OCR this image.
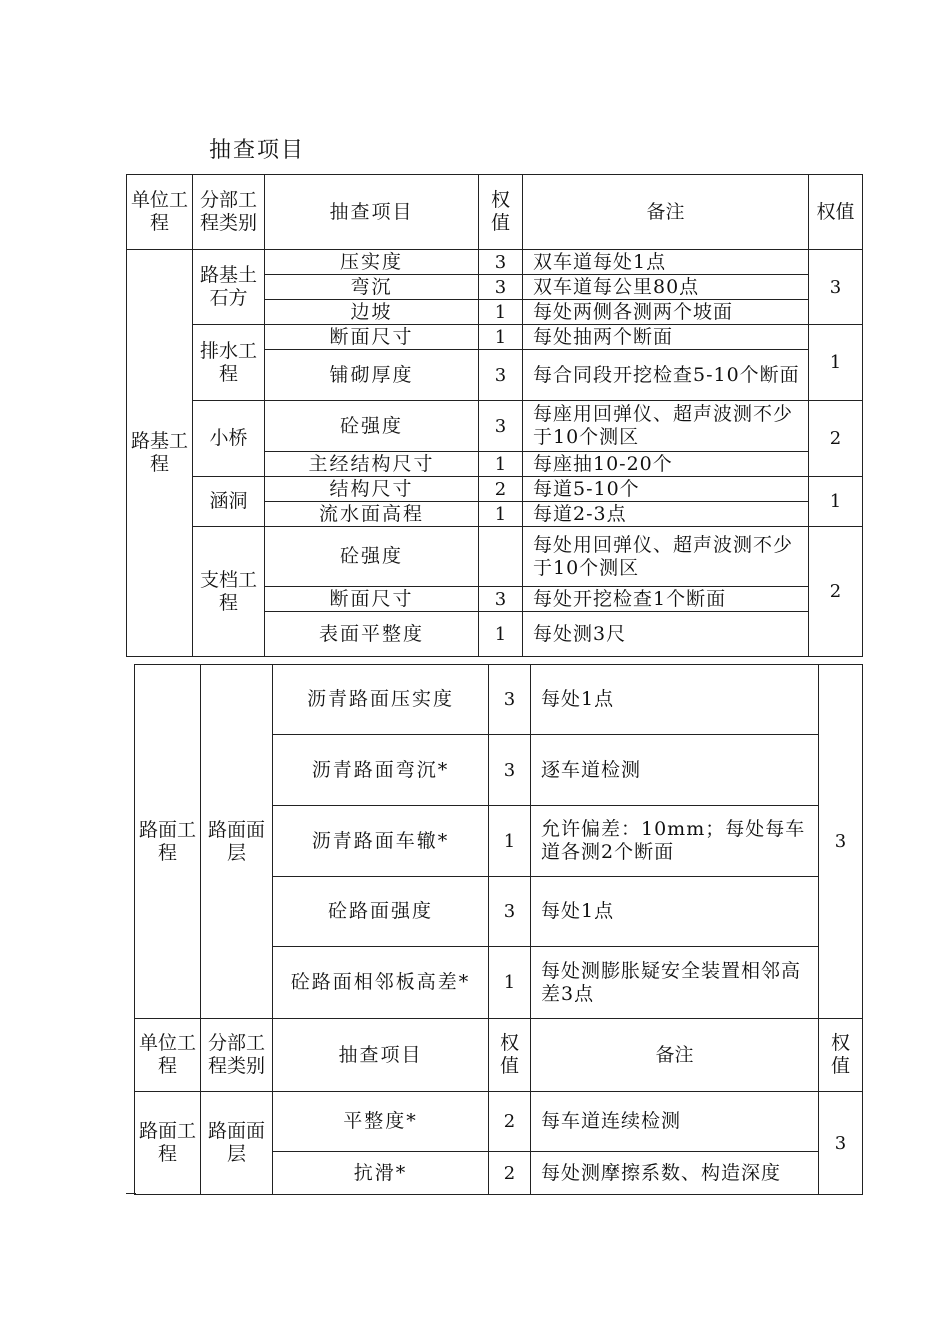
抽查项目
单位工程	分部工程类别	抽查项目	权值	备注	权值
路基工程	路基土石方	压实度	3	双车道每处1点	3
		弯沉	3	双车道每公里80点	
		边坡	1	每处两侧各测两个坡面	
	排水工程	断面尺寸	1	每处抽两个断面	1
		铺砌厚度	3	每合同段开挖检查5-10个断面	
	小桥	砼强度	3	每座用回弹仪、超声波测不少于10个测区	2
		主经结构尺寸	1	每座抽10-20个	
	涵洞	结构尺寸	2	每道5-10个	1
		流水面高程	1	每道2-3点	
	支档工程	砼强度		每处用回弹仪、超声波测不少于10个测区	2
		断面尺寸	3	每处开挖检查1个断面	
		表面平整度	1	每处测3尺	
路面工程	路面面层	沥青路面压实度	3	每处1点	3
		沥青路面弯沉*	3	逐车道检测	
		沥青路面车辙*	1	允许偏差：10mm；每处每车道各测2个断面	
		砼路面强度	3	每处1点	
		砼路面相邻板高差*	1	每处测膨胀疑安全装置相邻高差3点	
单位工程	分部工程类别	抽查项目	权值	备注	权值
路面工程	路面面层	平整度*	2	每车道连续检测	3
		抗滑*	2	每处测摩擦系数、构造深度	
